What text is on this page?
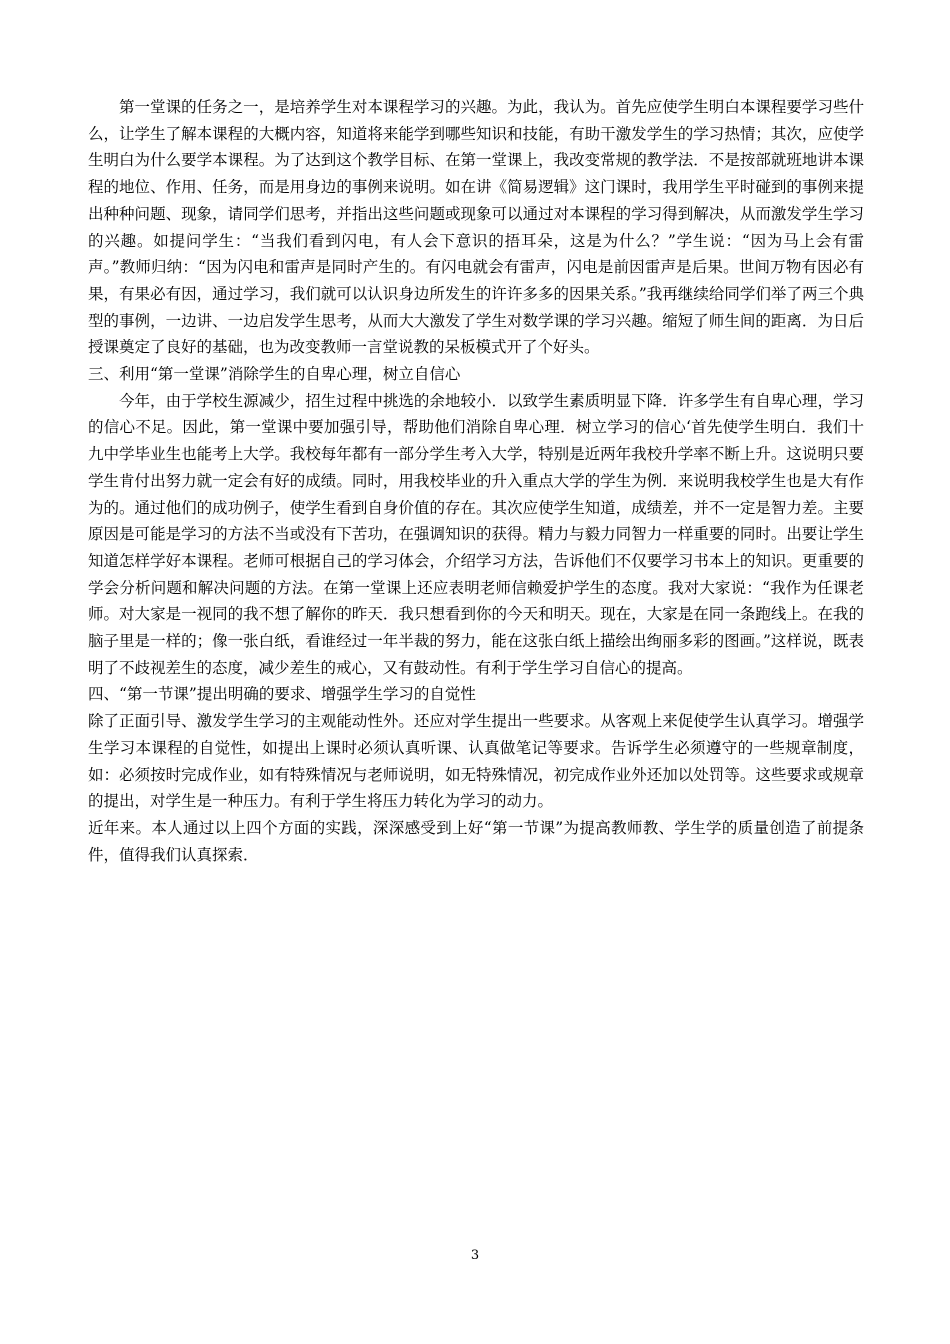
第一堂课的任务之一，是培养学生对本课程学习的兴趣。为此，我认为。首先应使学生明白本课程要学习些什么，让学生了解本课程的大概内容，知道将来能学到哪些知识和技能，有助干激发学生的学习热情；其次，应使学生明白为什么要学本课程。为了达到这个教学目标、在第一堂课上，我改变常规的教学法．不是按部就班地讲本课程的地位、作用、任务，而是用身边的事例来说明。如在讲《简易逻辑》这门课时，我用学生平时碰到的事例来提出种种问题、现象，请同学们思考，并指出这些问题或现象可以通过对本课程的学习得到解决，从而激发学生学习的兴趣。如提问学生：“当我们看到闪电，有人会下意识的捂耳朵，这是为什么？”学生说：“因为马上会有雷声。”教师归纳：“因为闪电和雷声是同时产生的。有闪电就会有雷声，闪电是前因雷声是后果。世间万物有因必有果，有果必有因，通过学习，我们就可以认识身边所发生的许许多多的因果关系。”我再继续给同学们举了两三个典型的事例，一边讲、一边启发学生思考，从而大大激发了学生对数学课的学习兴趣。缩短了师生间的距离．为日后授课奠定了良好的基础，也为改变教师一言堂说教的呆板模式开了个好头。

三、利用“第一堂课”消除学生的自卑心理，树立自信心

今年，由于学校生源减少，招生过程中挑选的余地较小．以致学生素质明显下降．许多学生有自卑心理，学习的信心不足。因此，第一堂课中要加强引导，帮助他们消除自卑心理．树立学习的信心‘首先使学生明白．我们十九中学毕业生也能考上大学。我校每年都有一部分学生考入大学，特别是近两年我校升学率不断上升。这说明只要学生肯付出努力就一定会有好的成绩。同时，用我校毕业的升入重点大学的学生为例．来说明我校学生也是大有作为的。通过他们的成功例子，使学生看到自身价值的存在。其次应使学生知道，成绩差，并不一定是智力差。主要原因是可能是学习的方法不当或没有下苦功，在强调知识的获得。精力与毅力同智力一样重要的同时。出要让学生知道怎样学好本课程。老师可根据自己的学习体会，介绍学习方法，告诉他们不仅要学习书本上的知识。更重要的学会分析问题和解决问题的方法。在第一堂课上还应表明老师信赖爱护学生的态度。我对大家说：“我作为任课老师。对大家是一视同的我不想了解你的昨天．我只想看到你的今天和明天。现在，大家是在同一条跑线上。在我的脑子里是一样的；像一张白纸，看谁经过一年半裁的努力，能在这张白纸上描绘出绚丽多彩的图画。”这样说，既表明了不歧视差生的态度，减少差生的戒心，又有鼓动性。有利于学生学习自信心的提高。

四、“第一节课”提出明确的要求、增强学生学习的自觉性

除了正面引导、激发学生学习的主观能动性外。还应对学生提出一些要求。从客观上来促使学生认真学习。增强学生学习本课程的自觉性，如提出上课时必须认真听课、认真做笔记等要求。告诉学生必须遵守的一些规章制度，如：必须按时完成作业，如有特殊情况与老师说明，如无特殊情况，初完成作业外还加以处罚等。这些要求或规章的提出，对学生是一种压力。有利于学生将压力转化为学习的动力。

近年来。本人通过以上四个方面的实践，深深感受到上好“第一节课”为提高教师教、学生学的质量创造了前提条件，值得我们认真探索．

3
